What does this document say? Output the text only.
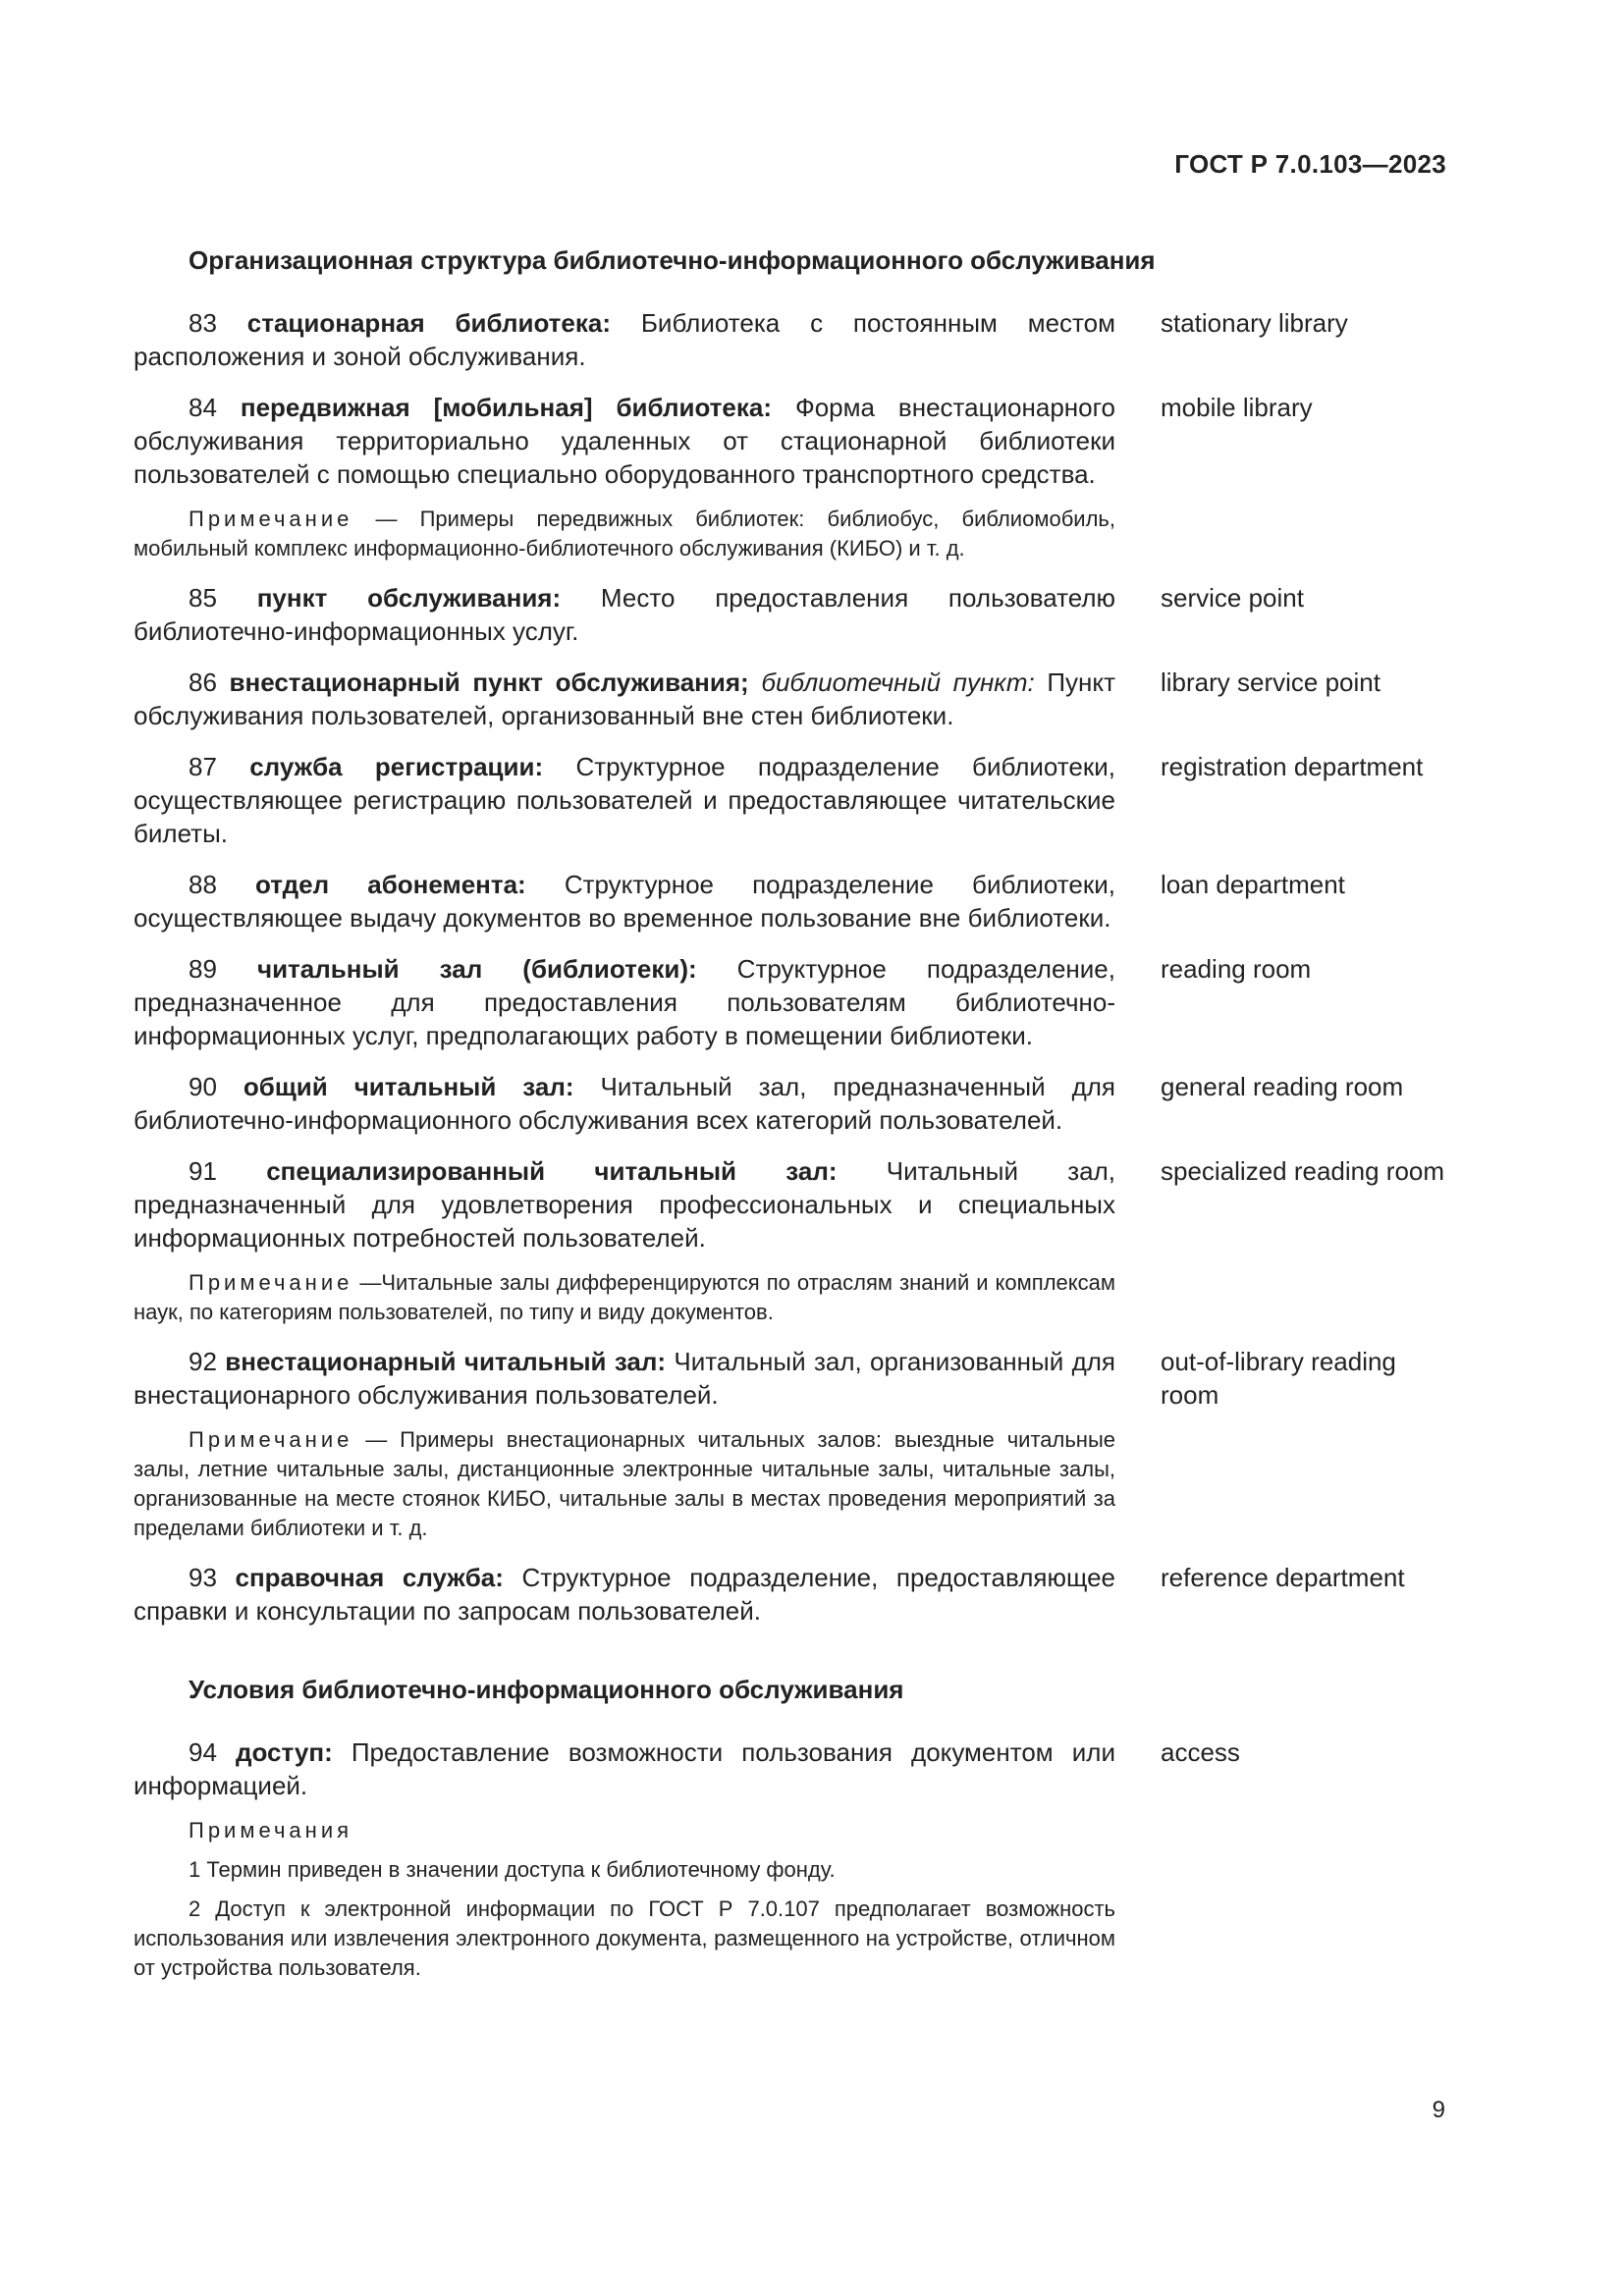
ГОСТ Р 7.0.103—2023
Организационная структура библиотечно-информационного обслуживания

83 стационарная библиотека: Библиотека с постоянным местом расположения и зоной обслуживания.

stationary library

84 передвижная [мобильная] библиотека: Форма внестационарного обслуживания территориально удаленных от стационарной библиотеки пользователей с помощью специально оборудованного транспортного средства.

Примечание — Примеры передвижных библиотек: библиобус, библиомобиль, мобильный комплекс информационно-библиотечного обслуживания (КИБО) и т. д.

mobile library

85 пункт обслуживания: Место предоставления пользователю библиотечно-информационных услуг.

service point

86 внестационарный пункт обслуживания; библиотечный пункт: Пункт обслуживания пользователей, организованный вне стен библиотеки.

library service point

87 служба регистрации: Структурное подразделение библиотеки, осуществляющее регистрацию пользователей и предоставляющее читательские билеты.

registration department

88 отдел абонемента: Структурное подразделение библиотеки, осуществляющее выдачу документов во временное пользование вне библиотеки.

loan department

89 читальный зал (библиотеки): Структурное подразделение, предназначенное для предоставления пользователям библиотечно-информационных услуг, предполагающих работу в помещении библиотеки.

reading room

90 общий читальный зал: Читальный зал, предназначенный для библиотечно-информационного обслуживания всех категорий пользователей.

general reading room

91 специализированный читальный зал: Читальный зал, предназначенный для удовлетворения профессиональных и специальных информационных потребностей пользователей.

Примечание —Читальные залы дифференцируются по отраслям знаний и комплексам наук, по категориям пользователей, по типу и виду документов.

specialized reading room

92 внестационарный читальный зал: Читальный зал, организованный для внестационарного обслуживания пользователей.

Примечание — Примеры внестационарных читальных залов: выездные читальные залы, летние читальные залы, дистанционные электронные читальные залы, читальные залы, организованные на месте стоянок КИБО, читальные залы в местах проведения мероприятий за пределами библиотеки и т. д.

out-of-library reading room

93 справочная служба: Структурное подразделение, предоставляющее справки и консультации по запросам пользователей.

reference department
Условия библиотечно-информационного обслуживания

94 доступ: Предоставление возможности пользования документом или информацией.

Примечания

1 Термин приведен в значении доступа к библиотечному фонду.

2 Доступ к электронной информации по ГОСТ Р 7.0.107 предполагает возможность использования или извлечения электронного документа, размещенного на устройстве, отличном от устройства пользователя.

access
9
